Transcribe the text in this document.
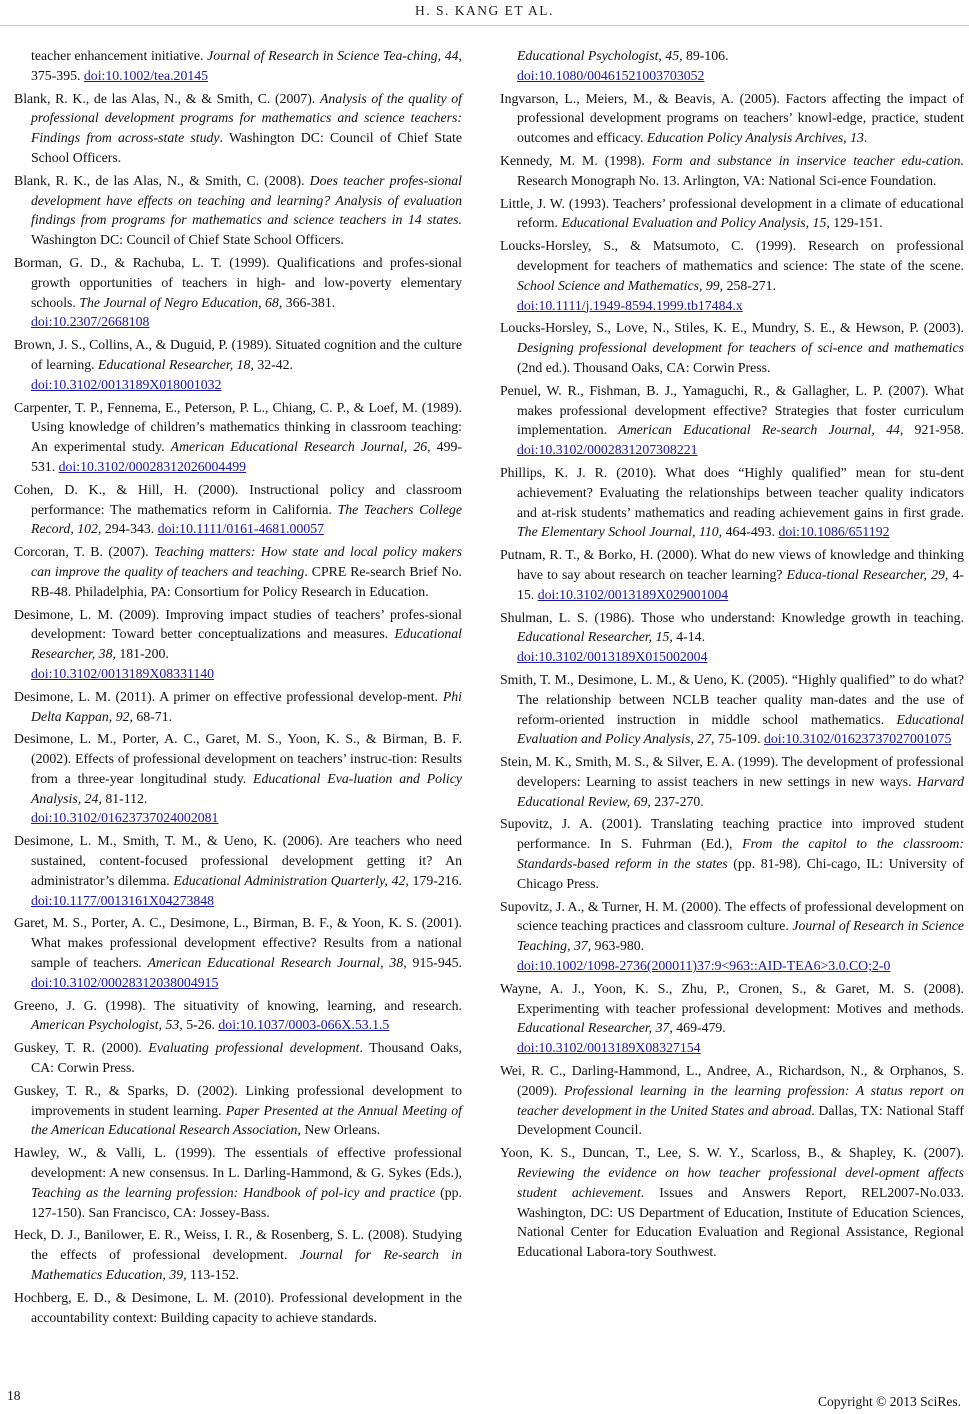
H. S. KANG ET AL.
teacher enhancement initiative. Journal of Research in Science Tea-ching, 44, 375-395. doi:10.1002/tea.20145
Blank, R. K., de las Alas, N., & & Smith, C. (2007). Analysis of the quality of professional development programs for mathematics and science teachers: Findings from across-state study. Washington DC: Council of Chief State School Officers.
Blank, R. K., de las Alas, N., & Smith, C. (2008). Does teacher profes-sional development have effects on teaching and learning? Analysis of evaluation findings from programs for mathematics and science teachers in 14 states. Washington DC: Council of Chief State School Officers.
Borman, G. D., & Rachuba, L. T. (1999). Qualifications and profes-sional growth opportunities of teachers in high- and low-poverty elementary schools. The Journal of Negro Education, 68, 366-381.
doi:10.2307/2668108
Brown, J. S., Collins, A., & Duguid, P. (1989). Situated cognition and the culture of learning. Educational Researcher, 18, 32-42.
doi:10.3102/0013189X018001032
Carpenter, T. P., Fennema, E., Peterson, P. L., Chiang, C. P., & Loef, M. (1989). Using knowledge of children’s mathematics thinking in classroom teaching: An experimental study. American Educational Research Journal, 26, 499-531. doi:10.3102/00028312026004499
Cohen, D. K., & Hill, H. (2000). Instructional policy and classroom performance: The mathematics reform in California. The Teachers College Record, 102, 294-343. doi:10.1111/0161-4681.00057
Corcoran, T. B. (2007). Teaching matters: How state and local policy makers can improve the quality of teachers and teaching. CPRE Re-search Brief No. RB-48. Philadelphia, PA: Consortium for Policy Research in Education.
Desimone, L. M. (2009). Improving impact studies of teachers’ profes-sional development: Toward better conceptualizations and measures. Educational Researcher, 38, 181-200.
doi:10.3102/0013189X08331140
Desimone, L. M. (2011). A primer on effective professional develop-ment. Phi Delta Kappan, 92, 68-71.
Desimone, L. M., Porter, A. C., Garet, M. S., Yoon, K. S., & Birman, B. F. (2002). Effects of professional development on teachers’ instruc-tion: Results from a three-year longitudinal study. Educational Eva-luation and Policy Analysis, 24, 81-112.
doi:10.3102/01623737024002081
Desimone, L. M., Smith, T. M., & Ueno, K. (2006). Are teachers who need sustained, content-focused professional development getting it? An administrator’s dilemma. Educational Administration Quarterly, 42, 179-216. doi:10.1177/0013161X04273848
Garet, M. S., Porter, A. C., Desimone, L., Birman, B. F., & Yoon, K. S. (2001). What makes professional development effective? Results from a national sample of teachers. American Educational Research Journal, 38, 915-945. doi:10.3102/00028312038004915
Greeno, J. G. (1998). The situativity of knowing, learning, and research. American Psychologist, 53, 5-26. doi:10.1037/0003-066X.53.1.5
Guskey, T. R. (2000). Evaluating professional development. Thousand Oaks, CA: Corwin Press.
Guskey, T. R., & Sparks, D. (2002). Linking professional development to improvements in student learning. Paper Presented at the Annual Meeting of the American Educational Research Association, New Orleans.
Hawley, W., & Valli, L. (1999). The essentials of effective professional development: A new consensus. In L. Darling-Hammond, & G. Sykes (Eds.), Teaching as the learning profession: Handbook of pol-icy and practice (pp. 127-150). San Francisco, CA: Jossey-Bass.
Heck, D. J., Banilower, E. R., Weiss, I. R., & Rosenberg, S. L. (2008). Studying the effects of professional development. Journal for Re-search in Mathematics Education, 39, 113-152.
Hochberg, E. D., & Desimone, L. M. (2010). Professional development in the accountability context: Building capacity to achieve standards.
Educational Psychologist, 45, 89-106.
doi:10.1080/00461521003703052
Ingvarson, L., Meiers, M., & Beavis, A. (2005). Factors affecting the impact of professional development programs on teachers’ knowl-edge, practice, student outcomes and efficacy. Education Policy Analysis Archives, 13.
Kennedy, M. M. (1998). Form and substance in inservice teacher edu-cation. Research Monograph No. 13. Arlington, VA: National Sci-ence Foundation.
Little, J. W. (1993). Teachers’ professional development in a climate of educational reform. Educational Evaluation and Policy Analysis, 15, 129-151.
Loucks-Horsley, S., & Matsumoto, C. (1999). Research on professional development for teachers of mathematics and science: The state of the scene. School Science and Mathematics, 99, 258-271.
doi:10.1111/j.1949-8594.1999.tb17484.x
Loucks-Horsley, S., Love, N., Stiles, K. E., Mundry, S. E., & Hewson, P. (2003). Designing professional development for teachers of sci-ence and mathematics (2nd ed.). Thousand Oaks, CA: Corwin Press.
Penuel, W. R., Fishman, B. J., Yamaguchi, R., & Gallagher, L. P. (2007). What makes professional development effective? Strategies that foster curriculum implementation. American Educational Re-search Journal, 44, 921-958. doi:10.3102/0002831207308221
Phillips, K. J. R. (2010). What does “Highly qualified” mean for stu-dent achievement? Evaluating the relationships between teacher quality indicators and at-risk students’ mathematics and reading achievement gains in first grade. The Elementary School Journal, 110, 464-493. doi:10.1086/651192
Putnam, R. T., & Borko, H. (2000). What do new views of knowledge and thinking have to say about research on teacher learning? Educa-tional Researcher, 29, 4-15. doi:10.3102/0013189X029001004
Shulman, L. S. (1986). Those who understand: Knowledge growth in teaching. Educational Researcher, 15, 4-14.
doi:10.3102/0013189X015002004
Smith, T. M., Desimone, L. M., & Ueno, K. (2005). “Highly qualified” to do what? The relationship between NCLB teacher quality man-dates and the use of reform-oriented instruction in middle school mathematics. Educational Evaluation and Policy Analysis, 27, 75-109. doi:10.3102/01623737027001075
Stein, M. K., Smith, M. S., & Silver, E. A. (1999). The development of professional developers: Learning to assist teachers in new settings in new ways. Harvard Educational Review, 69, 237-270.
Supovitz, J. A. (2001). Translating teaching practice into improved student performance. In S. Fuhrman (Ed.), From the capitol to the classroom: Standards-based reform in the states (pp. 81-98). Chi-cago, IL: University of Chicago Press.
Supovitz, J. A., & Turner, H. M. (2000). The effects of professional development on science teaching practices and classroom culture. Journal of Research in Science Teaching, 37, 963-980.
doi:10.1002/1098-2736(200011)37:9<963::AID-TEA6>3.0.CO;2-0
Wayne, A. J., Yoon, K. S., Zhu, P., Cronen, S., & Garet, M. S. (2008). Experimenting with teacher professional development: Motives and methods. Educational Researcher, 37, 469-479.
doi:10.3102/0013189X08327154
Wei, R. C., Darling-Hammond, L., Andree, A., Richardson, N., & Orphanos, S. (2009). Professional learning in the learning profession: A status report on teacher development in the United States and abroad. Dallas, TX: National Staff Development Council.
Yoon, K. S., Duncan, T., Lee, S. W. Y., Scarloss, B., & Shapley, K. (2007). Reviewing the evidence on how teacher professional devel-opment affects student achievement. Issues and Answers Report, REL2007-No.033. Washington, DC: US Department of Education, Institute of Education Sciences, National Center for Education Evaluation and Regional Assistance, Regional Educational Labora-tory Southwest.
18	Copyright © 2013 SciRes.
